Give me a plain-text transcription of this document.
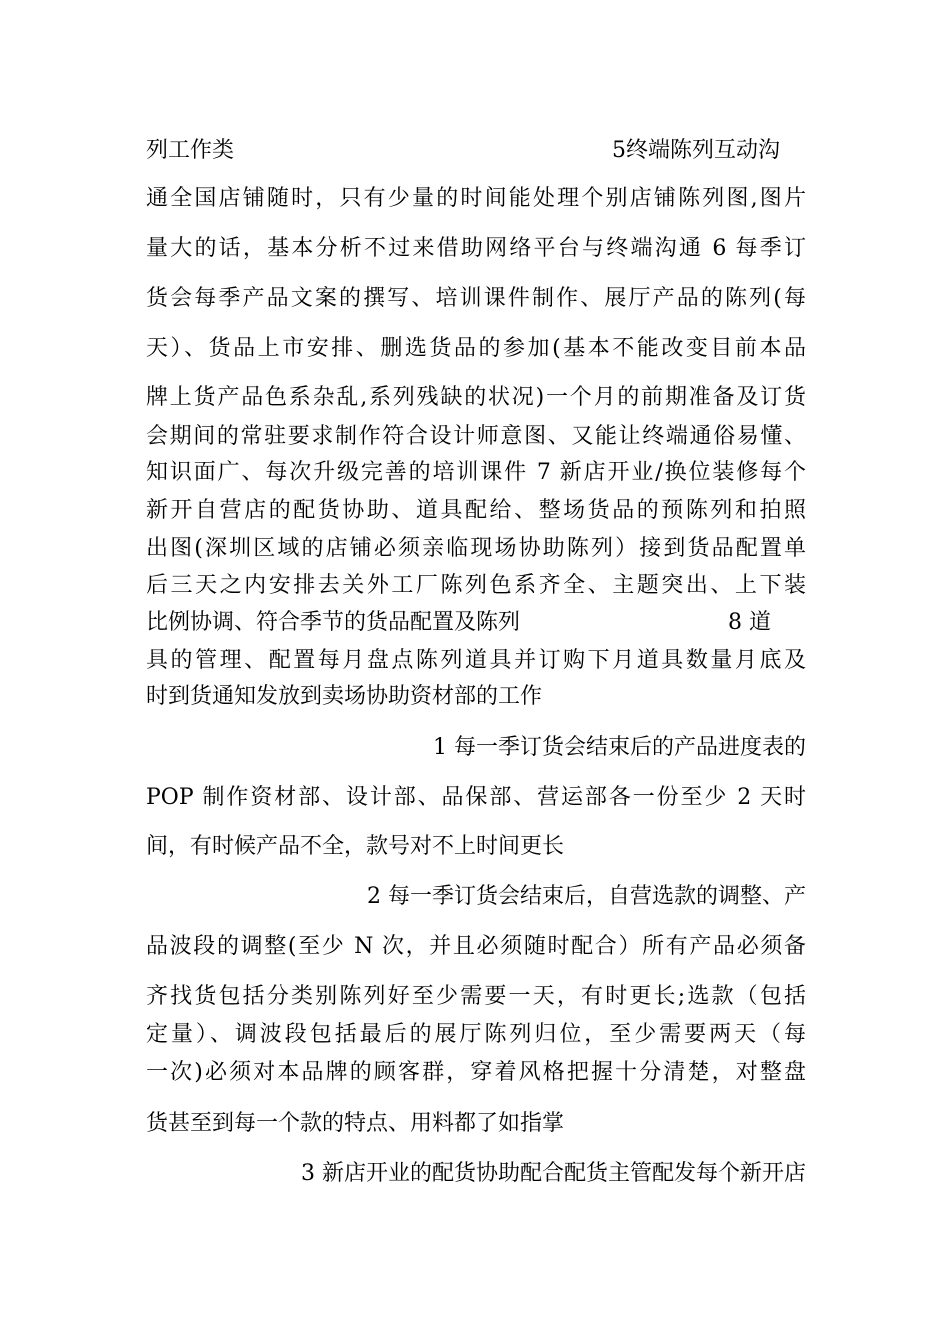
列工作类	5终端陈列互动沟
通全国店铺随时，只有少量的时间能处理个别店铺陈列图,图片
量大的话，基本分析不过来借助网络平台与终端沟通 6 每季订
货会每季产品文案的撰写、培训课件制作、展厅产品的陈列(每
天）、货品上市安排、删选货品的参加(基本不能改变目前本品
牌上货产品色系杂乱,系列残缺的状况)一个月的前期准备及订货
会期间的常驻要求制作符合设计师意图、又能让终端通俗易懂、
知识面广、每次升级完善的培训课件 7 新店开业/换位装修每个
新开自营店的配货协助、道具配给、整场货品的预陈列和拍照
出图(深圳区域的店铺必须亲临现场协助陈列）接到货品配置单
后三天之内安排去关外工厂陈列色系齐全、主题突出、上下装
比例协调、符合季节的货品配置及陈列	8 道
具的管理、配置每月盘点陈列道具并订购下月道具数量月底及
时到货通知发放到卖场协助资材部的工作
1 每一季订货会结束后的产品进度表的
POP 制作资材部、设计部、品保部、营运部各一份至少 2 天时
间，有时候产品不全，款号对不上时间更长
2 每一季订货会结束后，自营选款的调整、产
品波段的调整(至少 N 次，并且必须随时配合）所有产品必须备
齐找货包括分类别陈列好至少需要一天，有时更长;选款（包括
定量）、调波段包括最后的展厅陈列归位，至少需要两天（每
一次)必须对本品牌的顾客群，穿着风格把握十分清楚，对整盘
货甚至到每一个款的特点、用料都了如指掌
3 新店开业的配货协助配合配货主管配发每个新开店
